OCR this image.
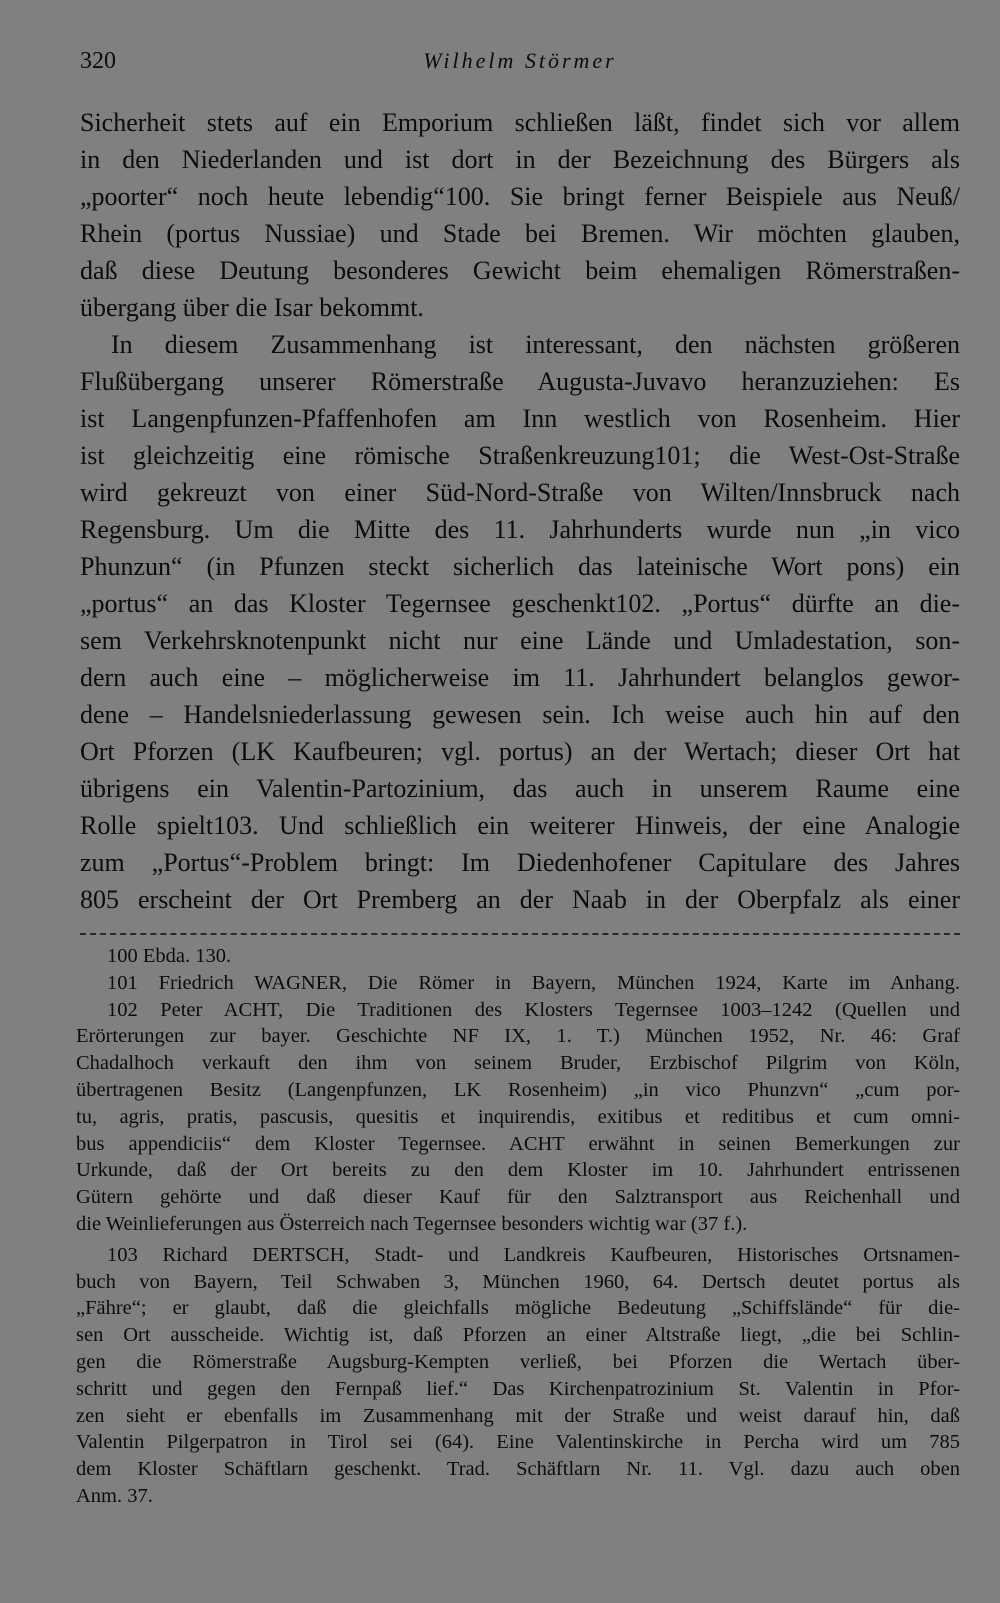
320	Wilhelm Störmer
Sicherheit stets auf ein Emporium schließen läßt, findet sich vor allem
in den Niederlanden und ist dort in der Bezeichnung des Bürgers als
„poorter“ noch heute lebendig“100. Sie bringt ferner Beispiele aus Neuß/
Rhein (portus Nussiae) und Stade bei Bremen. Wir möchten glauben,
daß diese Deutung besonderes Gewicht beim ehemaligen Römerstraßen-
übergang über die Isar bekommt.
In diesem Zusammenhang ist interessant, den nächsten größeren
Flußübergang unserer Römerstraße Augusta-Juvavo heranzuziehen: Es
ist Langenpfunzen-Pfaffenhofen am Inn westlich von Rosenheim. Hier
ist gleichzeitig eine römische Straßenkreuzung101; die West-Ost-Straße
wird gekreuzt von einer Süd-Nord-Straße von Wilten/Innsbruck nach
Regensburg. Um die Mitte des 11. Jahrhunderts wurde nun „in vico
Phunzun“ (in Pfunzen steckt sicherlich das lateinische Wort pons) ein
„portus“ an das Kloster Tegernsee geschenkt102. „Portus“ dürfte an die-
sem Verkehrsknotenpunkt nicht nur eine Lände und Umladestation, son-
dern auch eine – möglicherweise im 11. Jahrhundert belanglos gewor-
dene – Handelsniederlassung gewesen sein. Ich weise auch hin auf den
Ort Pforzen (LK Kaufbeuren; vgl. portus) an der Wertach; dieser Ort hat
übrigens ein Valentin-Partozinium, das auch in unserem Raume eine
Rolle spielt103. Und schließlich ein weiterer Hinweis, der eine Analogie
zum „Portus“-Problem bringt: Im Diedenhofener Capitulare des Jahres
805 erscheint der Ort Premberg an der Naab in der Oberpfalz als einer
100 Ebda. 130.
101 Friedrich WAGNER, Die Römer in Bayern, München 1924, Karte im Anhang.
102 Peter ACHT, Die Traditionen des Klosters Tegernsee 1003–1242 (Quellen und
Erörterungen zur bayer. Geschichte NF IX, 1. T.) München 1952, Nr. 46: Graf
Chadalhoch verkauft den ihm von seinem Bruder, Erzbischof Pilgrim von Köln,
übertragenen Besitz (Langenpfunzen, LK Rosenheim) „in vico Phunzvn“ „cum por-
tu, agris, pratis, pascusis, quesitis et inquirendis, exitibus et reditibus et cum omni-
bus appendiciis“ dem Kloster Tegernsee. ACHT erwähnt in seinen Bemerkungen zur
Urkunde, daß der Ort bereits zu den dem Kloster im 10. Jahrhundert entrissenen
Gütern gehörte und daß dieser Kauf für den Salztransport aus Reichenhall und
die Weinlieferungen aus Österreich nach Tegernsee besonders wichtig war (37 f.).
103 Richard DERTSCH, Stadt- und Landkreis Kaufbeuren, Historisches Ortsnamen-
buch von Bayern, Teil Schwaben 3, München 1960, 64. Dertsch deutet portus als
„Fähre“; er glaubt, daß die gleichfalls mögliche Bedeutung „Schiffslände“ für die-
sen Ort ausscheide. Wichtig ist, daß Pforzen an einer Altstraße liegt, „die bei Schlin-
gen die Römerstraße Augsburg-Kempten verließ, bei Pforzen die Wertach über-
schritt und gegen den Fernpaß lief.“ Das Kirchenpatrozinium St. Valentin in Pfor-
zen sieht er ebenfalls im Zusammenhang mit der Straße und weist darauf hin, daß
Valentin Pilgerpatron in Tirol sei (64). Eine Valentinskirche in Percha wird um 785
dem Kloster Schäftlarn geschenkt. Trad. Schäftlarn Nr. 11. Vgl. dazu auch oben
Anm. 37.
